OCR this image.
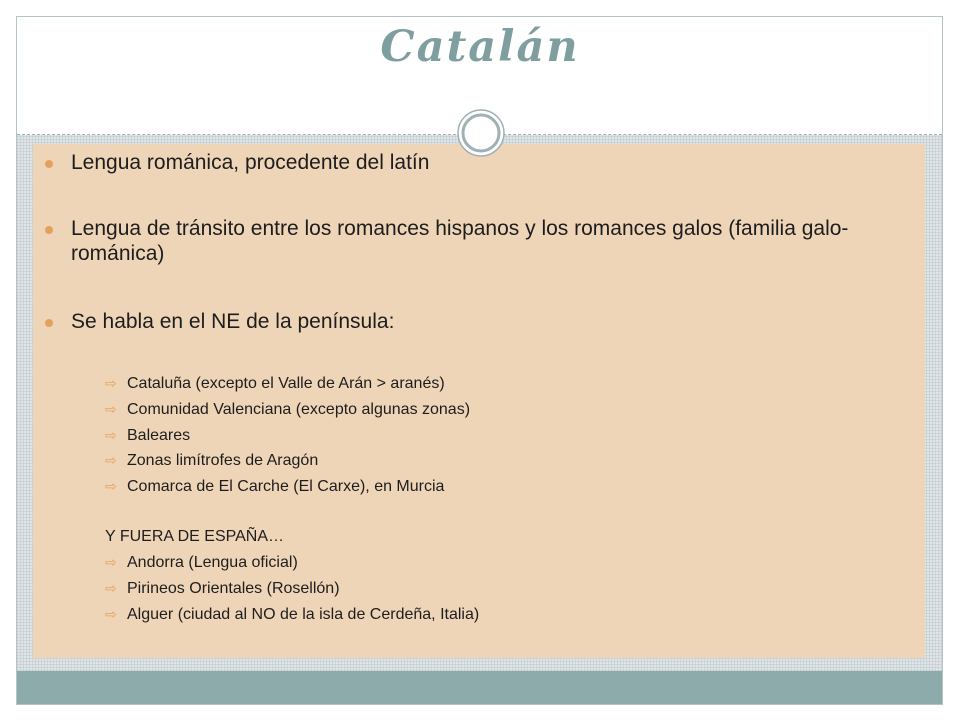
Catalán
Lengua románica, procedente del latín
Lengua de tránsito entre los romances hispanos y los romances galos (familia galo-románica)
Se habla en el NE de la península:
⇨ Cataluña (excepto el Valle de Arán > aranés)
⇨ Comunidad Valenciana (excepto algunas zonas)
⇨ Baleares
⇨ Zonas limítrofes de Aragón
⇨ Comarca de El Carche (El Carxe), en Murcia
Y FUERA DE ESPAÑA…
⇨ Andorra (Lengua oficial)
⇨ Pirineos Orientales (Rosellón)
⇨ Alguer (ciudad al NO de la isla de Cerdeña, Italia)
